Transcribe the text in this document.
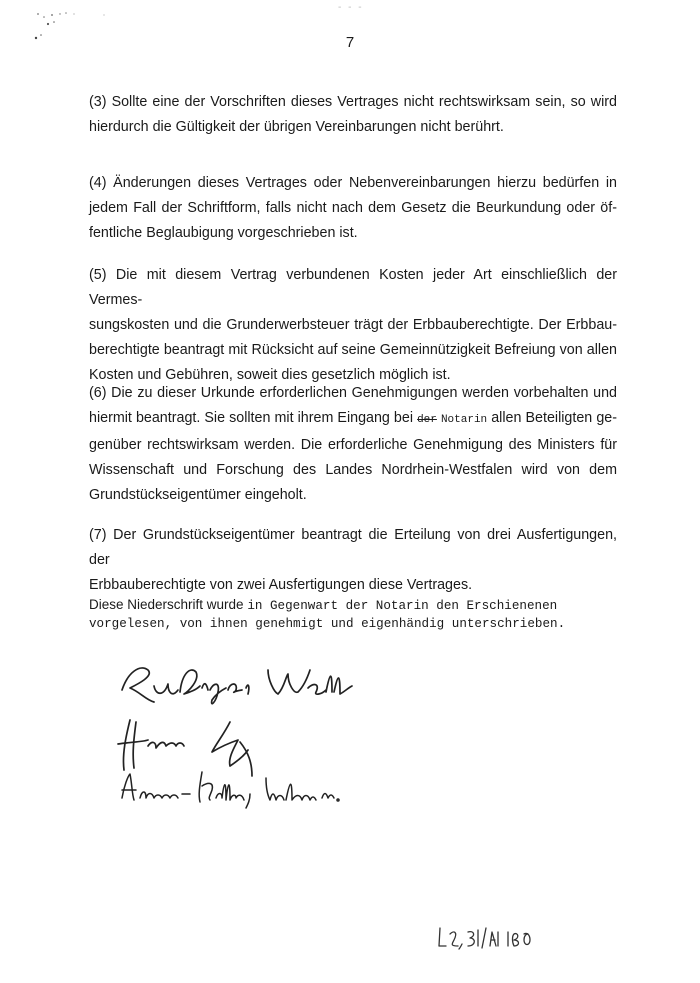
‐ ‐ ‐
7
(3) Sollte eine der Vorschriften dieses Vertrages nicht rechtswirksam sein, so wird
hierdurch die Gültigkeit der übrigen Vereinbarungen nicht berührt.
(4) Änderungen dieses Vertrages oder Nebenvereinbarungen hierzu bedürfen in
jedem Fall der Schriftform, falls nicht nach dem Gesetz die Beurkundung oder öf-
fentliche Beglaubigung vorgeschrieben ist.
(5) Die mit diesem Vertrag verbundenen Kosten jeder Art einschließlich der Vermes-
sungskosten und die Grunderwerbsteuer trägt der Erbbauberechtigte. Der Erbbau-
berechtigte beantragt mit Rücksicht auf seine Gemeinnützigkeit Befreiung von allen
Kosten und Gebühren, soweit dies gesetzlich möglich ist.
(6) Die zu dieser Urkunde erforderlichen Genehmigungen werden vorbehalten und
hiermit beantragt. Sie sollten mit ihrem Eingang bei der Notarin allen Beteiligten ge-
genüber rechtswirksam werden. Die erforderliche Genehmigung des Ministers für
Wissenschaft und Forschung des Landes Nordrhein-Westfalen wird von dem
Grundstückseigentümer eingeholt.
(7) Der Grundstückseigentümer beantragt die Erteilung von drei Ausfertigungen, der
Erbbauberechtigte von zwei Ausfertigungen diese Vertrages.
Diese Niederschrift wurde in Gegenwart der Notarin den Erschienenen
vorgelesen, von ihnen genehmigt und eigenhändig unterschrieben.
